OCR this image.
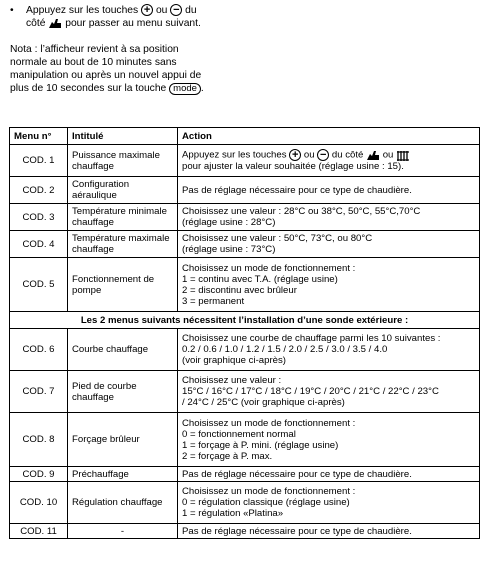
•	Appuyez sur les touches + ou − du
côté pour passer au menu suivant.
Nota : l’afficheur revient à sa position
normale au bout de 10 minutes sans
manipulation ou après un nouvel appui de
plus de 10 secondes sur la touche mode .
Menu n°	Intitulé	Action
COD. 1	Puissance maximale chauffage	Appuyez sur les touches + ou − du côté ou
pour ajuster la valeur souhaitée (réglage usine : 15).

COD. 2	Configuration aéraulique	Pas de réglage nécessaire pour ce type de chaudière.
COD. 3	Température minimale chauffage	Choisissez une valeur : 28°C ou 38°C, 50°C, 55°C,70°C
(réglage usine : 28°C)

COD. 4	Température maximale chauffage	Choisissez une valeur : 50°C, 73°C, ou 80°C
(réglage usine : 73°C)

COD. 5	Fonctionnement de pompe	Choisissez un mode de fonctionnement :
1 = continu avec T.A. (réglage usine)
2 = discontinu avec brûleur
3 = permanent

Les 2 menus suivants nécessitent l’installation d’une sonde extérieure :		
COD. 6	Courbe chauffage	Choisissez une courbe de chauffage parmi les 10 suivantes :
0.2 / 0.6 / 1.0 / 1.2 / 1.5 / 2.0 / 2.5 / 3.0 / 3.5 / 4.0
(voir graphique ci-après)

COD. 7	Pied de courbe chauffage	Choisissez une valeur :
15°C / 16°C / 17°C / 18°C / 19°C / 20°C / 21°C / 22°C / 23°C
/ 24°C / 25°C (voir graphique ci-après)

COD. 8	Forçage brûleur	Choisissez un mode de fonctionnement :
0 = fonctionnement normal
1 = forçage à P. mini. (réglage usine)
2 = forçage à P. max.

COD. 9	Préchauffage	Pas de réglage nécessaire pour ce type de chaudière.
COD. 10	Régulation chauffage	Choisissez un mode de fonctionnement :
0 = régulation classique (réglage usine)
1 = régulation «Platina»

COD. 11	-	Pas de réglage nécessaire pour ce type de chaudière.
